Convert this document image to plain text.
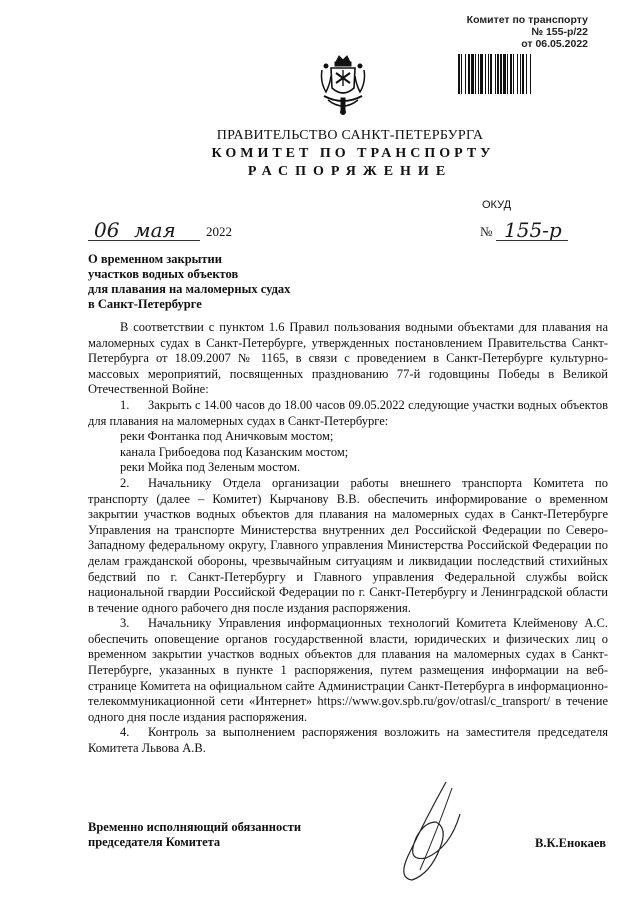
Комитет по транспорту
№ 155-р/22
от 06.05.2022
ПРАВИТЕЛЬСТВО САНКТ-ПЕТЕРБУРГА
КОМИТЕТ ПО ТРАНСПОРТУ
РАСПОРЯЖЕНИЕ
ОКУД
06 мая 2022	№ 155-р
О временном закрытии
участков водных объектов
для плавания на маломерных судах
в Санкт-Петербурге

В соответствии с пунктом 1.6 Правил пользования водными объектами для плавания на маломерных судах в Санкт-Петербурге, утвержденных постановлением Правительства Санкт-Петербурга от 18.09.2007 № 1165, в связи с проведением в Санкт-Петербурге культурно-массовых мероприятий, посвященных празднованию 77-й годовщины Победы в Великой Отечественной Войне:

1. Закрыть с 14.00 часов до 18.00 часов 09.05.2022 следующие участки водных объектов для плавания на маломерных судах в Санкт-Петербурге:

реки Фонтанка под Аничковым мостом;

канала Грибоедова под Казанским мостом;

реки Мойка под Зеленым мостом.

2. Начальнику Отдела организации работы внешнего транспорта Комитета по транспорту (далее – Комитет) Кырчанову В.В. обеспечить информирование о временном закрытии участков водных объектов для плавания на маломерных судах в Санкт-Петербурге Управления на транспорте Министерства внутренних дел Российской Федерации по Северо-Западному федеральному округу, Главного управления Министерства Российской Федерации по делам гражданской обороны, чрезвычайным ситуациям и ликвидации последствий стихийных бедствий по г. Санкт-Петербургу и Главного управления Федеральной службы войск национальной гвардии Российской Федерации по г. Санкт-Петербургу и Ленинградской области в течение одного рабочего дня после издания распоряжения.

3. Начальнику Управления информационных технологий Комитета Клейменову А.С. обеспечить оповещение органов государственной власти, юридических и физических лиц о временном закрытии участков водных объектов для плавания на маломерных судах в Санкт-Петербурге, указанных в пункте 1 распоряжения, путем размещения информации на веб-странице Комитета на официальном сайте Администрации Санкт-Петербурга в информационно-телекоммуникационной сети «Интернет» https://www.gov.spb.ru/gov/otrasl/c_transport/ в течение одного дня после издания распоряжения.

4. Контроль за выполнением распоряжения возложить на заместителя председателя Комитета Львова А.В.

Временно исполняющий обязанности
председателя Комитета	В.К.Енокаев
